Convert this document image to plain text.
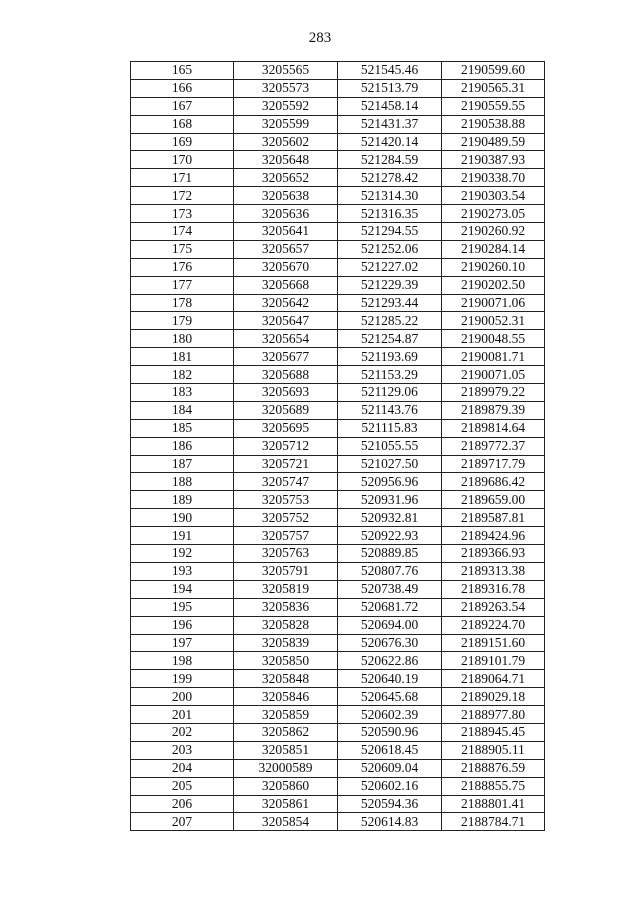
283
165	3205565	521545.46	2190599.60
166	3205573	521513.79	2190565.31
167	3205592	521458.14	2190559.55
168	3205599	521431.37	2190538.88
169	3205602	521420.14	2190489.59
170	3205648	521284.59	2190387.93
171	3205652	521278.42	2190338.70
172	3205638	521314.30	2190303.54
173	3205636	521316.35	2190273.05
174	3205641	521294.55	2190260.92
175	3205657	521252.06	2190284.14
176	3205670	521227.02	2190260.10
177	3205668	521229.39	2190202.50
178	3205642	521293.44	2190071.06
179	3205647	521285.22	2190052.31
180	3205654	521254.87	2190048.55
181	3205677	521193.69	2190081.71
182	3205688	521153.29	2190071.05
183	3205693	521129.06	2189979.22
184	3205689	521143.76	2189879.39
185	3205695	521115.83	2189814.64
186	3205712	521055.55	2189772.37
187	3205721	521027.50	2189717.79
188	3205747	520956.96	2189686.42
189	3205753	520931.96	2189659.00
190	3205752	520932.81	2189587.81
191	3205757	520922.93	2189424.96
192	3205763	520889.85	2189366.93
193	3205791	520807.76	2189313.38
194	3205819	520738.49	2189316.78
195	3205836	520681.72	2189263.54
196	3205828	520694.00	2189224.70
197	3205839	520676.30	2189151.60
198	3205850	520622.86	2189101.79
199	3205848	520640.19	2189064.71
200	3205846	520645.68	2189029.18
201	3205859	520602.39	2188977.80
202	3205862	520590.96	2188945.45
203	3205851	520618.45	2188905.11
204	32000589	520609.04	2188876.59
205	3205860	520602.16	2188855.75
206	3205861	520594.36	2188801.41
207	3205854	520614.83	2188784.71
